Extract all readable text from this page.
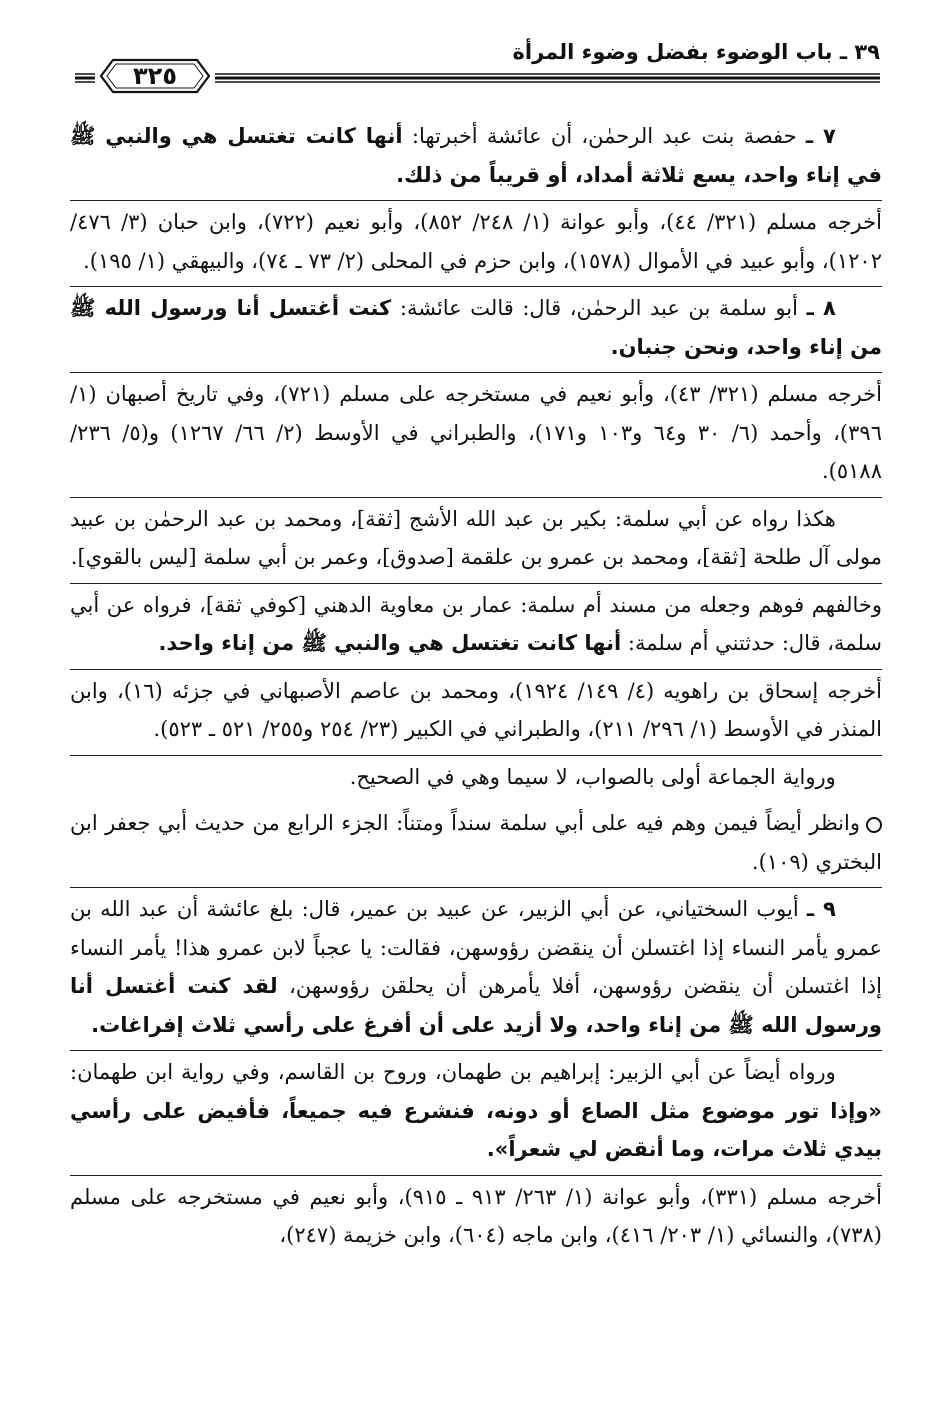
٣٩ ـ باب الوضوء بفضل وضوء المرأة
٣٢٥

٧ ـ حفصة بنت عبد الرحمٰن، أن عائشة أخبرتها: أنها كانت تغتسل هي والنبي ﷺ في إناء واحد، يسع ثلاثة أمداد، أو قريباً من ذلك.

أخرجه مسلم (٣٢١/ ٤٤)، وأبو عوانة (١/ ٢٤٨/ ٨٥٢)، وأبو نعيم (٧٢٢)، وابن حبان (٣/ ٤٧٦/ ١٢٠٢)، وأبو عبيد في الأموال (١٥٧٨)، وابن حزم في المحلى (٢/ ٧٣ ـ ٧٤)، والبيهقي (١/ ١٩٥).

٨ ـ أبو سلمة بن عبد الرحمٰن، قال: قالت عائشة: كنت أغتسل أنا ورسول الله ﷺ من إناء واحد، ونحن جنبان.

أخرجه مسلم (٣٢١/ ٤٣)، وأبو نعيم في مستخرجه على مسلم (٧٢١)، وفي تاريخ أصبهان (١/ ٣٩٦)، وأحمد (٦/ ٣٠ و٦٤ و١٠٣ و١٧١)، والطبراني في الأوسط (٢/ ٦٦/ ١٢٦٧) و(٥/ ٢٣٦/ ٥١٨٨).

هكذا رواه عن أبي سلمة: بكير بن عبد الله الأشج [ثقة]، ومحمد بن عبد الرحمٰن بن عبيد مولى آل طلحة [ثقة]، ومحمد بن عمرو بن علقمة [صدوق]، وعمر بن أبي سلمة [ليس بالقوي].

وخالفهم فوهم وجعله من مسند أم سلمة: عمار بن معاوية الدهني [كوفي ثقة]، فرواه عن أبي سلمة، قال: حدثتني أم سلمة: أنها كانت تغتسل هي والنبي ﷺ من إناء واحد.

أخرجه إسحاق بن راهويه (٤/ ١٤٩/ ١٩٢٤)، ومحمد بن عاصم الأصبهاني في جزئه (١٦)، وابن المنذر في الأوسط (١/ ٢٩٦/ ٢١١)، والطبراني في الكبير (٢٣/ ٢٥٤ و٢٥٥/ ٥٢١ ـ ٥٢٣).

ورواية الجماعة أولى بالصواب، لا سيما وهي في الصحيح.

وانظر أيضاً فيمن وهم فيه على أبي سلمة سنداً ومتناً: الجزء الرابع من حديث أبي جعفر ابن البختري (١٠٩).

٩ ـ أيوب السختياني، عن أبي الزبير، عن عبيد بن عمير، قال: بلغ عائشة أن عبد الله بن عمرو يأمر النساء إذا اغتسلن أن ينقضن رؤوسهن، فقالت: يا عجباً لابن عمرو هذا! يأمر النساء إذا اغتسلن أن ينقضن رؤوسهن، أفلا يأمرهن أن يحلقن رؤوسهن، لقد كنت أغتسل أنا ورسول الله ﷺ من إناء واحد، ولا أزيد على أن أفرغ على رأسي ثلاث إفراغات.

ورواه أيضاً عن أبي الزبير: إبراهيم بن طهمان، وروح بن القاسم، وفي رواية ابن طهمان: «وإذا تور موضوع مثل الصاع أو دونه، فنشرع فيه جميعاً، فأفيض على رأسي بيدي ثلاث مرات، وما أنقض لي شعراً».

أخرجه مسلم (٣٣١)، وأبو عوانة (١/ ٢٦٣/ ٩١٣ ـ ٩١٥)، وأبو نعيم في مستخرجه على مسلم (٧٣٨)، والنسائي (١/ ٢٠٣/ ٤١٦)، وابن ماجه (٦٠٤)، وابن خزيمة (٢٤٧)،
